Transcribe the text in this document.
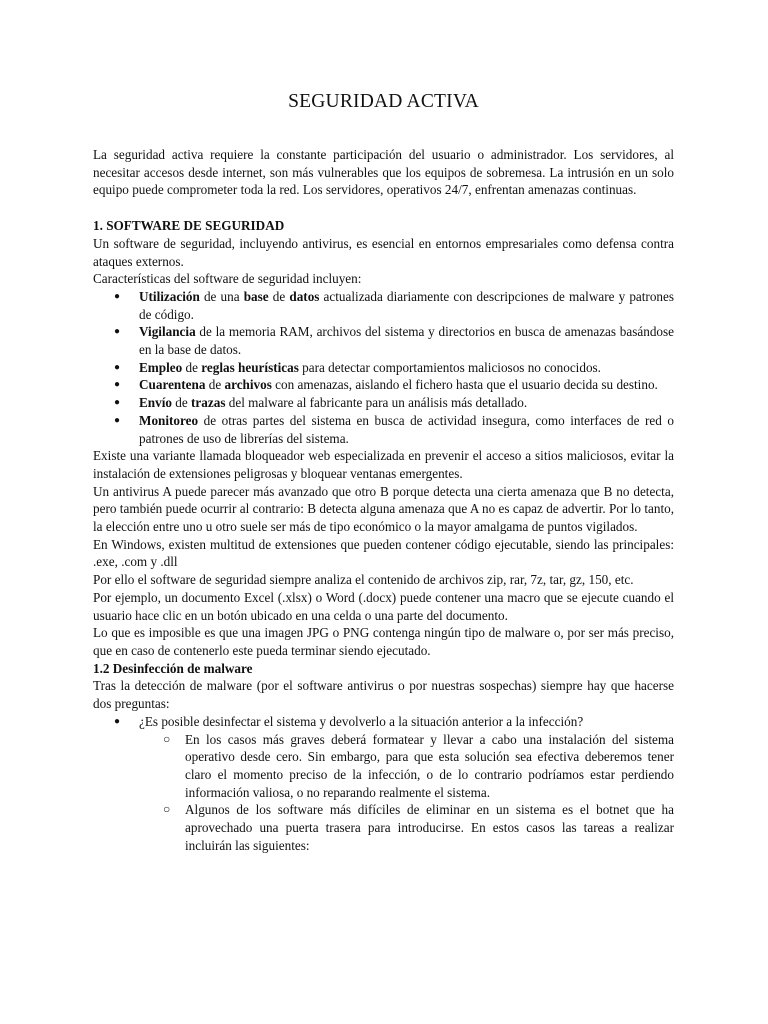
SEGURIDAD ACTIVA

La seguridad activa requiere la constante participación del usuario o administrador. Los servidores, al necesitar accesos desde internet, son más vulnerables que los equipos de sobremesa. La intrusión en un solo equipo puede comprometer toda la red. Los servidores, operativos 24/7, enfrentan amenazas continuas.

1. SOFTWARE DE SEGURIDAD

Un software de seguridad, incluyendo antivirus, es esencial en entornos empresariales como defensa contra ataques externos.

Características del software de seguridad incluyen:

● Utilización de una base de datos actualizada diariamente con descripciones de malware y patrones de código.
● Vigilancia de la memoria RAM, archivos del sistema y directorios en busca de amenazas basándose en la base de datos.
● Empleo de reglas heurísticas para detectar comportamientos maliciosos no conocidos.
● Cuarentena de archivos con amenazas, aislando el fichero hasta que el usuario decida su destino.
● Envío de trazas del malware al fabricante para un análisis más detallado.
● Monitoreo de otras partes del sistema en busca de actividad insegura, como interfaces de red o patrones de uso de librerías del sistema.

Existe una variante llamada bloqueador web especializada en prevenir el acceso a sitios maliciosos, evitar la instalación de extensiones peligrosas y bloquear ventanas emergentes.

Un antivirus A puede parecer más avanzado que otro B porque detecta una cierta amenaza que B no detecta, pero también puede ocurrir al contrario: B detecta alguna amenaza que A no es capaz de advertir. Por lo tanto, la elección entre uno u otro suele ser más de tipo económico o la mayor amalgama de puntos vigilados.

En Windows, existen multitud de extensiones que pueden contener código ejecutable, siendo las principales: .exe, .com y .dll

Por ello el software de seguridad siempre analiza el contenido de archivos zip, rar, 7z, tar, gz, 150, etc.

Por ejemplo, un documento Excel (.xlsx) o Word (.docx) puede contener una macro que se ejecute cuando el usuario hace clic en un botón ubicado en una celda o una parte del documento.

Lo que es imposible es que una imagen JPG o PNG contenga ningún tipo de malware o, por ser más preciso, que en caso de contenerlo este pueda terminar siendo ejecutado.

1.2 Desinfección de malware

Tras la detección de malware (por el software antivirus o por nuestras sospechas) siempre hay que hacerse dos preguntas:

● ¿Es posible desinfectar el sistema y devolverlo a la situación anterior a la infección?
○ En los casos más graves deberá formatear y llevar a cabo una instalación del sistema operativo desde cero. Sin embargo, para que esta solución sea efectiva deberemos tener claro el momento preciso de la infección, o de lo contrario podríamos estar perdiendo información valiosa, o no reparando realmente el sistema.
○ Algunos de los software más difíciles de eliminar en un sistema es el botnet que ha aprovechado una puerta trasera para introducirse. En estos casos las tareas a realizar incluirán las siguientes:
